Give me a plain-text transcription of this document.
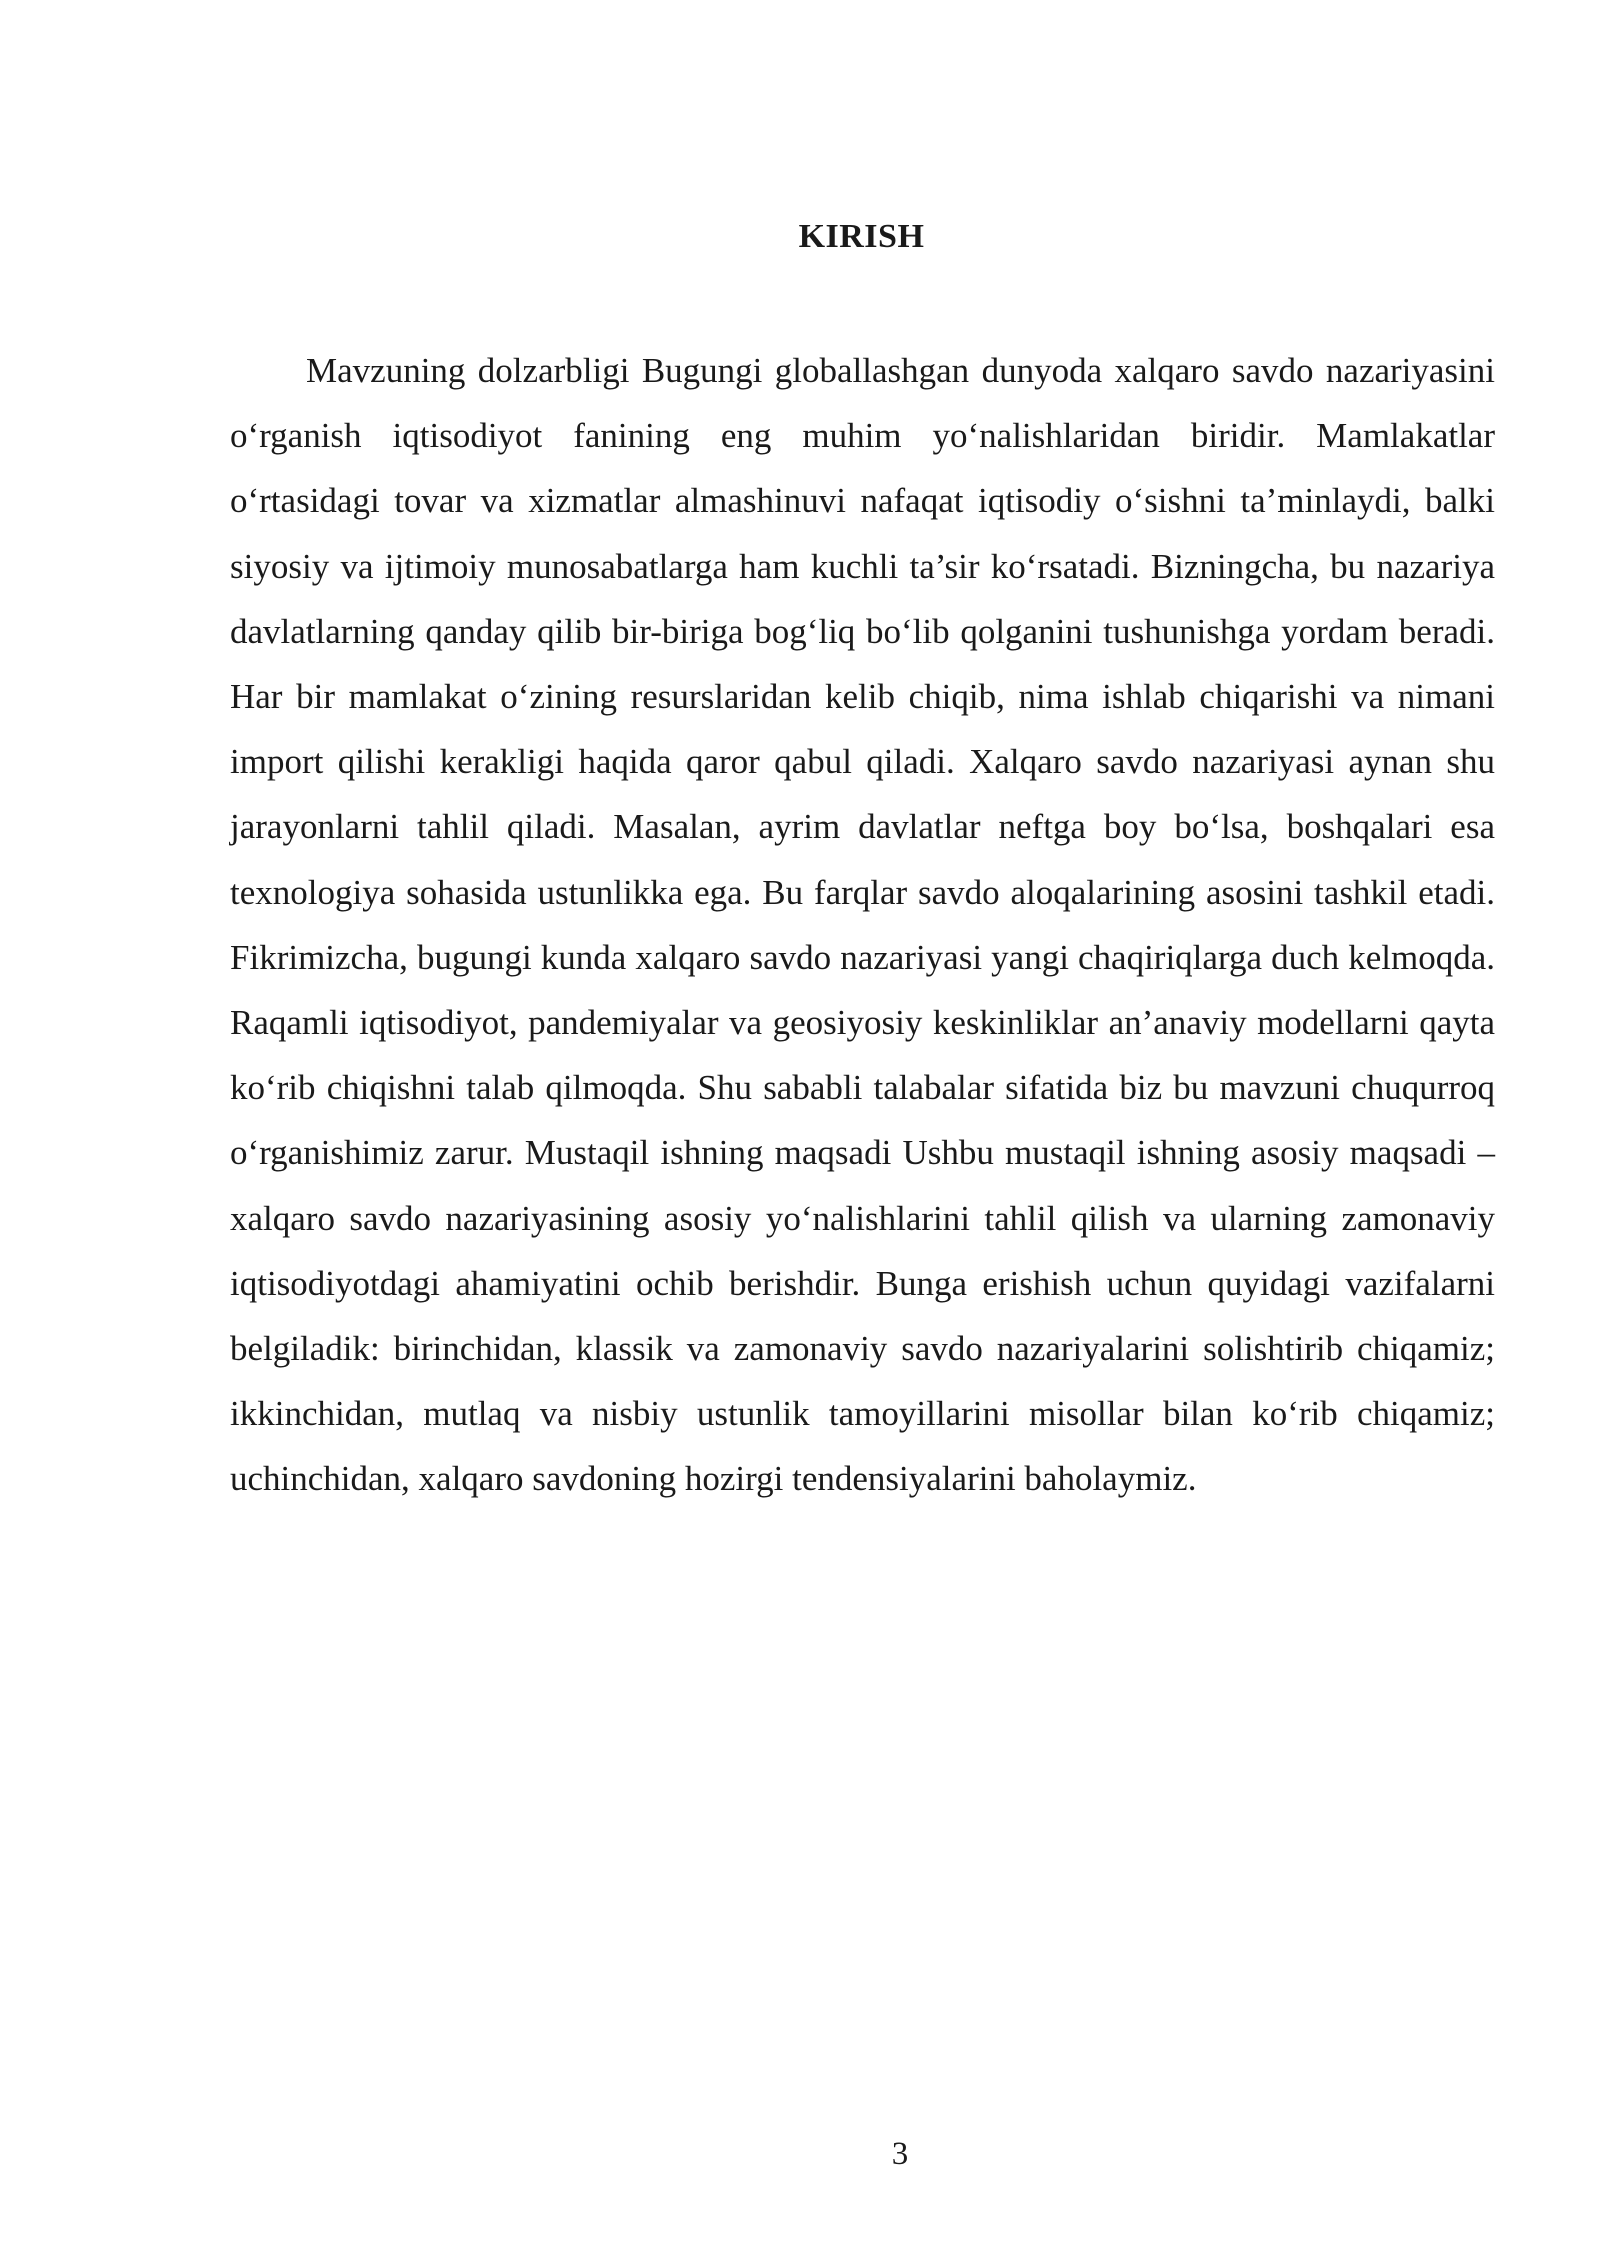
KIRISH

Mavzuning dolzarbligi Bugungi globallashgan dunyoda xalqaro savdo nazariyasini o‘rganish iqtisodiyot fanining eng muhim yo‘nalishlaridan biridir. Mamlakatlar o‘rtasidagi tovar va xizmatlar almashinuvi nafaqat iqtisodiy o‘sishni ta’minlaydi, balki siyosiy va ijtimoiy munosabatlarga ham kuchli ta’sir ko‘rsatadi. Bizningcha, bu nazariya davlatlarning qanday qilib bir-biriga bog‘liq bo‘lib qolganini tushunishga yordam beradi. Har bir mamlakat o‘zining resurslaridan kelib chiqib, nima ishlab chiqarishi va nimani import qilishi kerakligi haqida qaror qabul qiladi. Xalqaro savdo nazariyasi aynan shu jarayonlarni tahlil qiladi. Masalan, ayrim davlatlar neftga boy bo‘lsa, boshqalari esa texnologiya sohasida ustunlikka ega. Bu farqlar savdo aloqalarining asosini tashkil etadi. Fikrimizcha, bugungi kunda xalqaro savdo nazariyasi yangi chaqiriqlarga duch kelmoqda. Raqamli iqtisodiyot, pandemiyalar va geosiyosiy keskinliklar an’anaviy modellarni qayta ko‘rib chiqishni talab qilmoqda. Shu sababli talabalar sifatida biz bu mavzuni chuqurroq o‘rganishimiz zarur. Mustaqil ishning maqsadi Ushbu mustaqil ishning asosiy maqsadi – xalqaro savdo nazariyasining asosiy yo‘nalishlarini tahlil qilish va ularning zamonaviy iqtisodiyotdagi ahamiyatini ochib berishdir. Bunga erishish uchun quyidagi vazifalarni belgiladik: birinchidan, klassik va zamonaviy savdo nazariyalarini solishtirib chiqamiz; ikkinchidan, mutlaq va nisbiy ustunlik tamoyillarini misollar bilan ko‘rib chiqamiz; uchinchidan, xalqaro savdoning hozirgi tendensiyalarini baholaymiz.

3
